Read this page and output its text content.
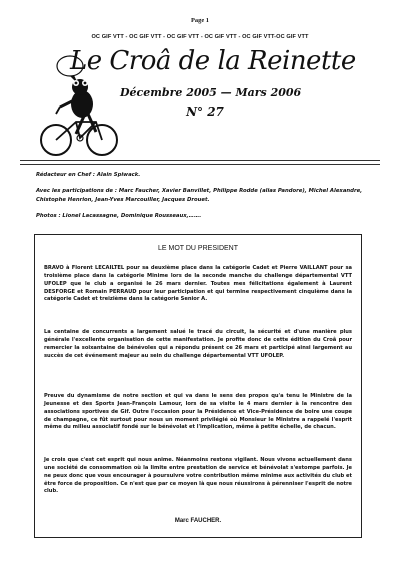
Page 1
OC GIF VTT - OC GIF VTT - OC GIF VTT - OC GIF VTT - OC GIF VTT-OC GIF VTT
Le Croâ de la Reinette
Décembre 2005 — Mars 2006
N° 27
Rédacteur en Chef : Alain Spiwack.
Avec les participations de : Marc Faucher, Xavier Banvillet, Philippe Rodde (alias Pandore), Michel Alexandre, Chistophe Henrion, Jean-Yves Marcouiller, Jacques Drouet.
Photos : Lionel Lacassagne, Dominique Rousseaux,…….
LE MOT DU PRESIDENT
BRAVO à Florent LECAILTEL pour sa deuxième place dans la catégorie Cadet et Pierre VAILLANT pour sa troisième place dans la catégorie Minime lors de la seconde manche du challenge départemental VTT UFOLEP que le club a organisé le 26 mars dernier. Toutes mes félicitations également à Laurent DESFORGE et Romain PERRAUD pour leur participation et qui termine respectivement cinquième dans la catégorie Cadet et treizième dans la catégorie Senior A.
La centaine de concurrents a largement salué le tracé du circuit, la sécurité et d'une manière plus générale l'excellente organisation de cette manifestation. Je profite donc de cette édition du Croâ pour remercier la soixantaine de bénévoles qui a répondu présent ce 26 mars et participé ainsi largement au succès de cet événement majeur au sein du challenge départemental VTT UFOLEP.
Preuve du dynamisme de notre section et qui va dans le sens des propos qu'a tenu le Ministre de la Jeunesse et des Sports Jean-François Lamour, lors de sa visite le 4 mars dernier à la rencontre des associations sportives de Gif. Outre l'occasion pour la Présidence et Vice-Présidence de boire une coupe de champagne, ce fût surtout pour nous un moment privilégié où Monsieur le Ministre a rappelé l'esprit même du milieu associatif fondé sur le bénévolat et l'implication, même à petite échelle, de chacun.
Je crois que c'est cet esprit qui nous anime. Néanmoins restons vigilant. Nous vivons actuellement dans une société de consommation où la limite entre prestation de service et bénévolat s'estompe parfois. Je ne peux donc que vous encourager à poursuivre votre contribution même minime aux activités du club et être force de proposition. Ce n'est que par ce moyen là que nous réussirons à pérenniser l'esprit de notre club.
Marc FAUCHER.
